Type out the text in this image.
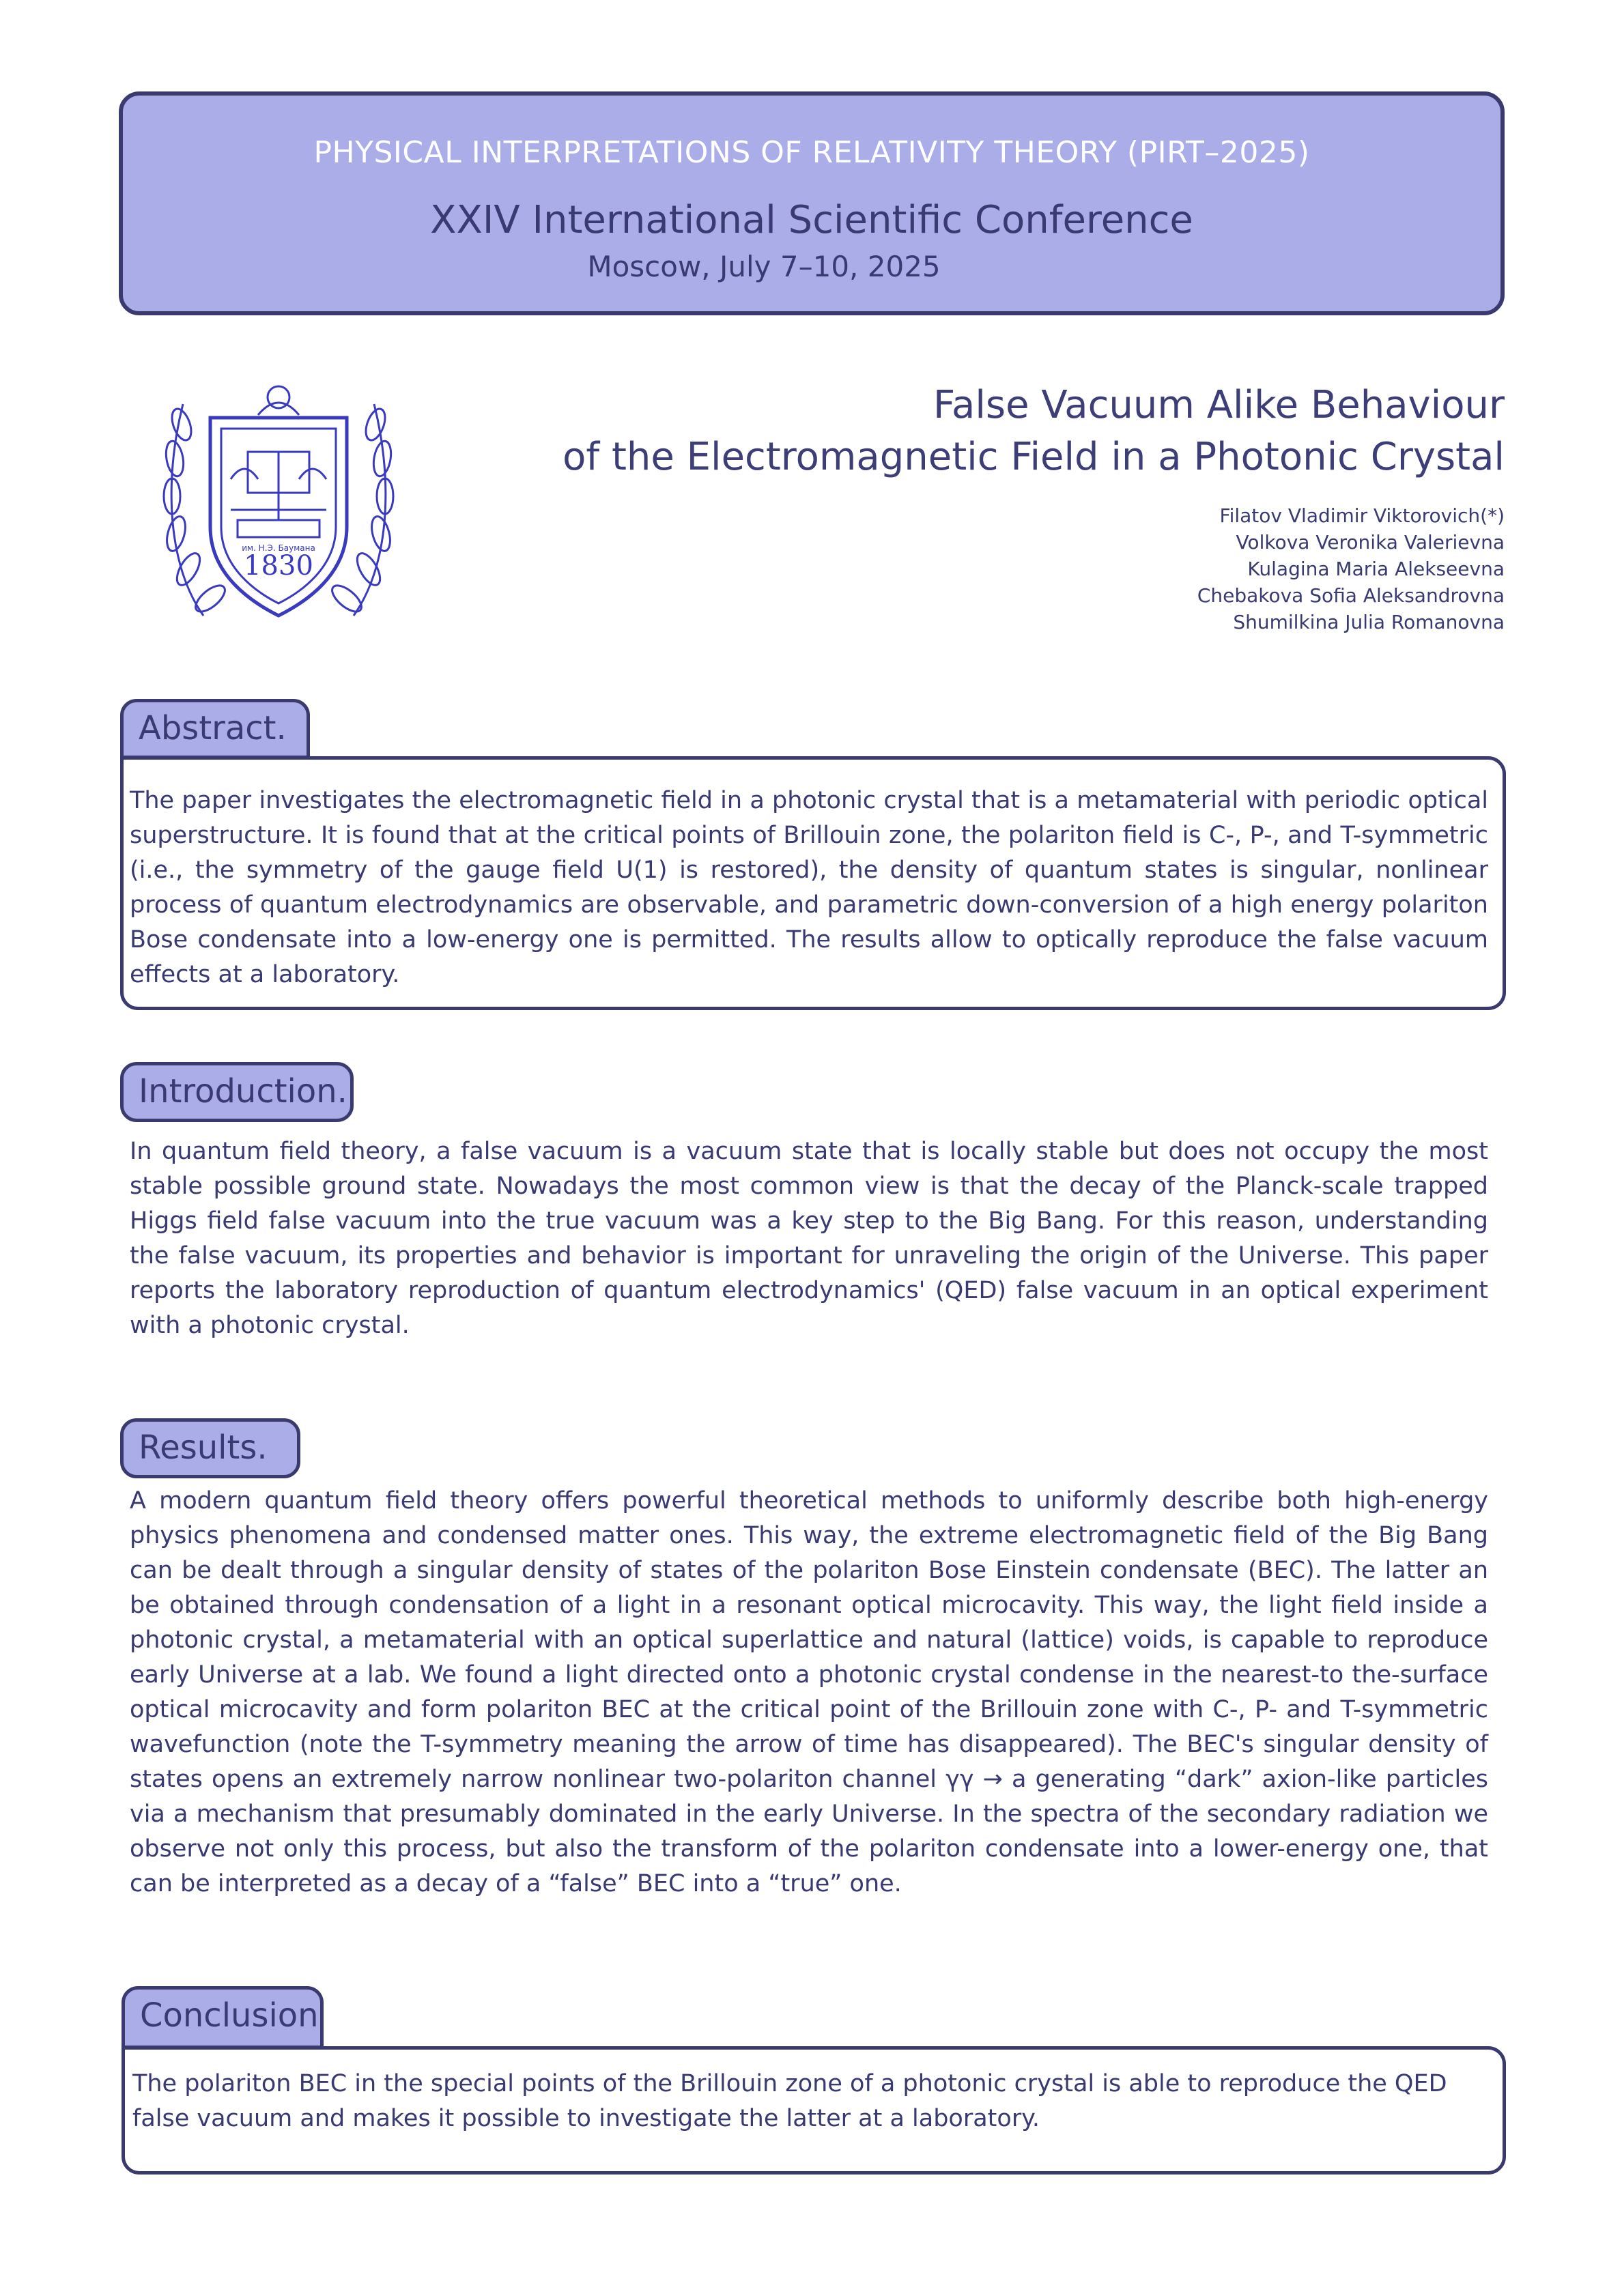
PHYSICAL INTERPRETATIONS OF RELATIVITY THEORY (PIRT–2025)
XXIV International Scientific Conference
Moscow, July 7–10, 2025
1830
им. Н.Э. Баумана
False Vacuum Alike Behaviour
of the Electromagnetic Field in a Photonic Crystal
Filatov Vladimir Viktorovich(*)
Volkova Veronika Valerievna
Kulagina Maria Alekseevna
Chebakova Sofia Aleksandrovna
Shumilkina Julia Romanovna
Abstract.
The paper investigates the electromagnetic field in a photonic crystal that is a metamaterial with periodic optical superstructure. It is found that at the critical points of Brillouin zone, the polariton field is C-, P-, and T-symmetric (i.e., the symmetry of the gauge field U(1) is restored), the density of quantum states is singular, nonlinear process of quantum electrodynamics are observable, and parametric down-conversion of a high energy polariton Bose condensate into a low-energy one is permitted. The results allow to optically reproduce the false vacuum effects at a laboratory.
Introduction.
In quantum field theory, a false vacuum is a vacuum state that is locally stable but does not occupy the most stable possible ground state. Nowadays the most common view is that the decay of the Planck-scale trapped Higgs field false vacuum into the true vacuum was a key step to the Big Bang. For this reason, understanding the false vacuum, its properties and behavior is important for unraveling the origin of the Universe. This paper reports the laboratory reproduction of quantum electrodynamics' (QED) false vacuum in an optical experiment with a photonic crystal.
Results.
A modern quantum field theory offers powerful theoretical methods to uniformly describe both high-energy physics phenomena and condensed matter ones. This way, the extreme electromagnetic field of the Big Bang can be dealt through a singular density of states of the polariton Bose Einstein condensate (BEC). The latter an be obtained through condensation of a light in a resonant optical microcavity. This way, the light field inside a photonic crystal, a metamaterial with an optical superlattice and natural (lattice) voids, is capable to reproduce early Universe at a lab. We found a light directed onto a photonic crystal condense in the nearest-to the-surface optical microcavity and form polariton BEC at the critical point of the Brillouin zone with C-, P- and T-symmetric wavefunction (note the T-symmetry meaning the arrow of time has disappeared). The BEC's singular density of states opens an extremely narrow nonlinear two-polariton channel γγ → a generating “dark” axion-like particles via a mechanism that presumably dominated in the early Universe. In the spectra of the secondary radiation we observe not only this process, but also the transform of the polariton condensate into a lower-energy one, that can be interpreted as a decay of a “false” BEC into a “true” one.
Conclusion
The polariton BEC in the special points of the Brillouin zone of a photonic crystal is able to reproduce the QED false vacuum and makes it possible to investigate the latter at a laboratory.
